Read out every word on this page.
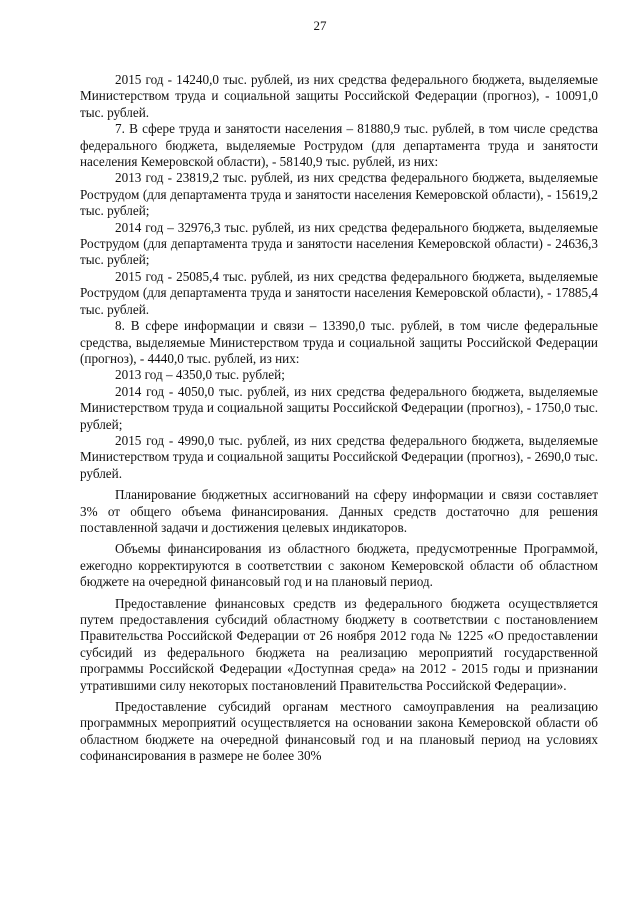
27

2015 год - 14240,0 тыс. рублей, из них средства федерального бюджета, выделяемые Министерством труда и социальной защиты Российской Федерации (прогноз), - 10091,0 тыс. рублей.

7. В сфере труда и занятости населения – 81880,9 тыс. рублей, в том числе средства федерального бюджета, выделяемые Рострудом (для департамента труда и занятости населения Кемеровской области), - 58140,9 тыс. рублей, из них:

2013 год - 23819,2 тыс. рублей, из них средства федерального бюджета, выделяемые Рострудом (для департамента труда и занятости населения Кемеровской области), - 15619,2 тыс. рублей;

2014 год – 32976,3 тыс. рублей, из них средства федерального бюджета, выделяемые Рострудом (для департамента труда и занятости населения Кемеровской области) - 24636,3 тыс. рублей;

2015 год - 25085,4 тыс. рублей, из них средства федерального бюджета, выделяемые Рострудом (для департамента труда и занятости населения Кемеровской области), - 17885,4 тыс. рублей.

8. В сфере информации и связи – 13390,0 тыс. рублей, в том числе федеральные средства, выделяемые Министерством труда и социальной защиты Российской Федерации (прогноз), - 4440,0 тыс. рублей, из них:

2013 год – 4350,0 тыс. рублей;

2014 год - 4050,0 тыс. рублей, из них средства федерального бюджета, выделяемые Министерством труда и социальной защиты Российской Федерации (прогноз), - 1750,0 тыс. рублей;

2015 год - 4990,0 тыс. рублей, из них средства федерального бюджета, выделяемые Министерством труда и социальной защиты Российской Федерации (прогноз), - 2690,0 тыс. рублей.

Планирование бюджетных ассигнований на сферу информации и связи составляет 3% от общего объема финансирования. Данных средств достаточно для решения поставленной задачи и достижения целевых индикаторов.

Объемы финансирования из областного бюджета, предусмотренные Программой, ежегодно корректируются в соответствии с законом Кемеровской области об областном бюджете на очередной финансовый год и на плановый период.

Предоставление финансовых средств из федерального бюджета осуществляется путем предоставления субсидий областному бюджету в соответствии с постановлением Правительства Российской Федерации от 26 ноября 2012 года № 1225 «О предоставлении субсидий из федерального бюджета на реализацию мероприятий государственной программы Российской Федерации «Доступная среда» на 2012 - 2015 годы и признании утратившими силу некоторых постановлений Правительства Российской Федерации».

Предоставление субсидий органам местного самоуправления на реализацию программных мероприятий осуществляется на основании закона Кемеровской области об областном бюджете на очередной финансовый год и на плановый период на условиях софинансирования в размере не более 30%
